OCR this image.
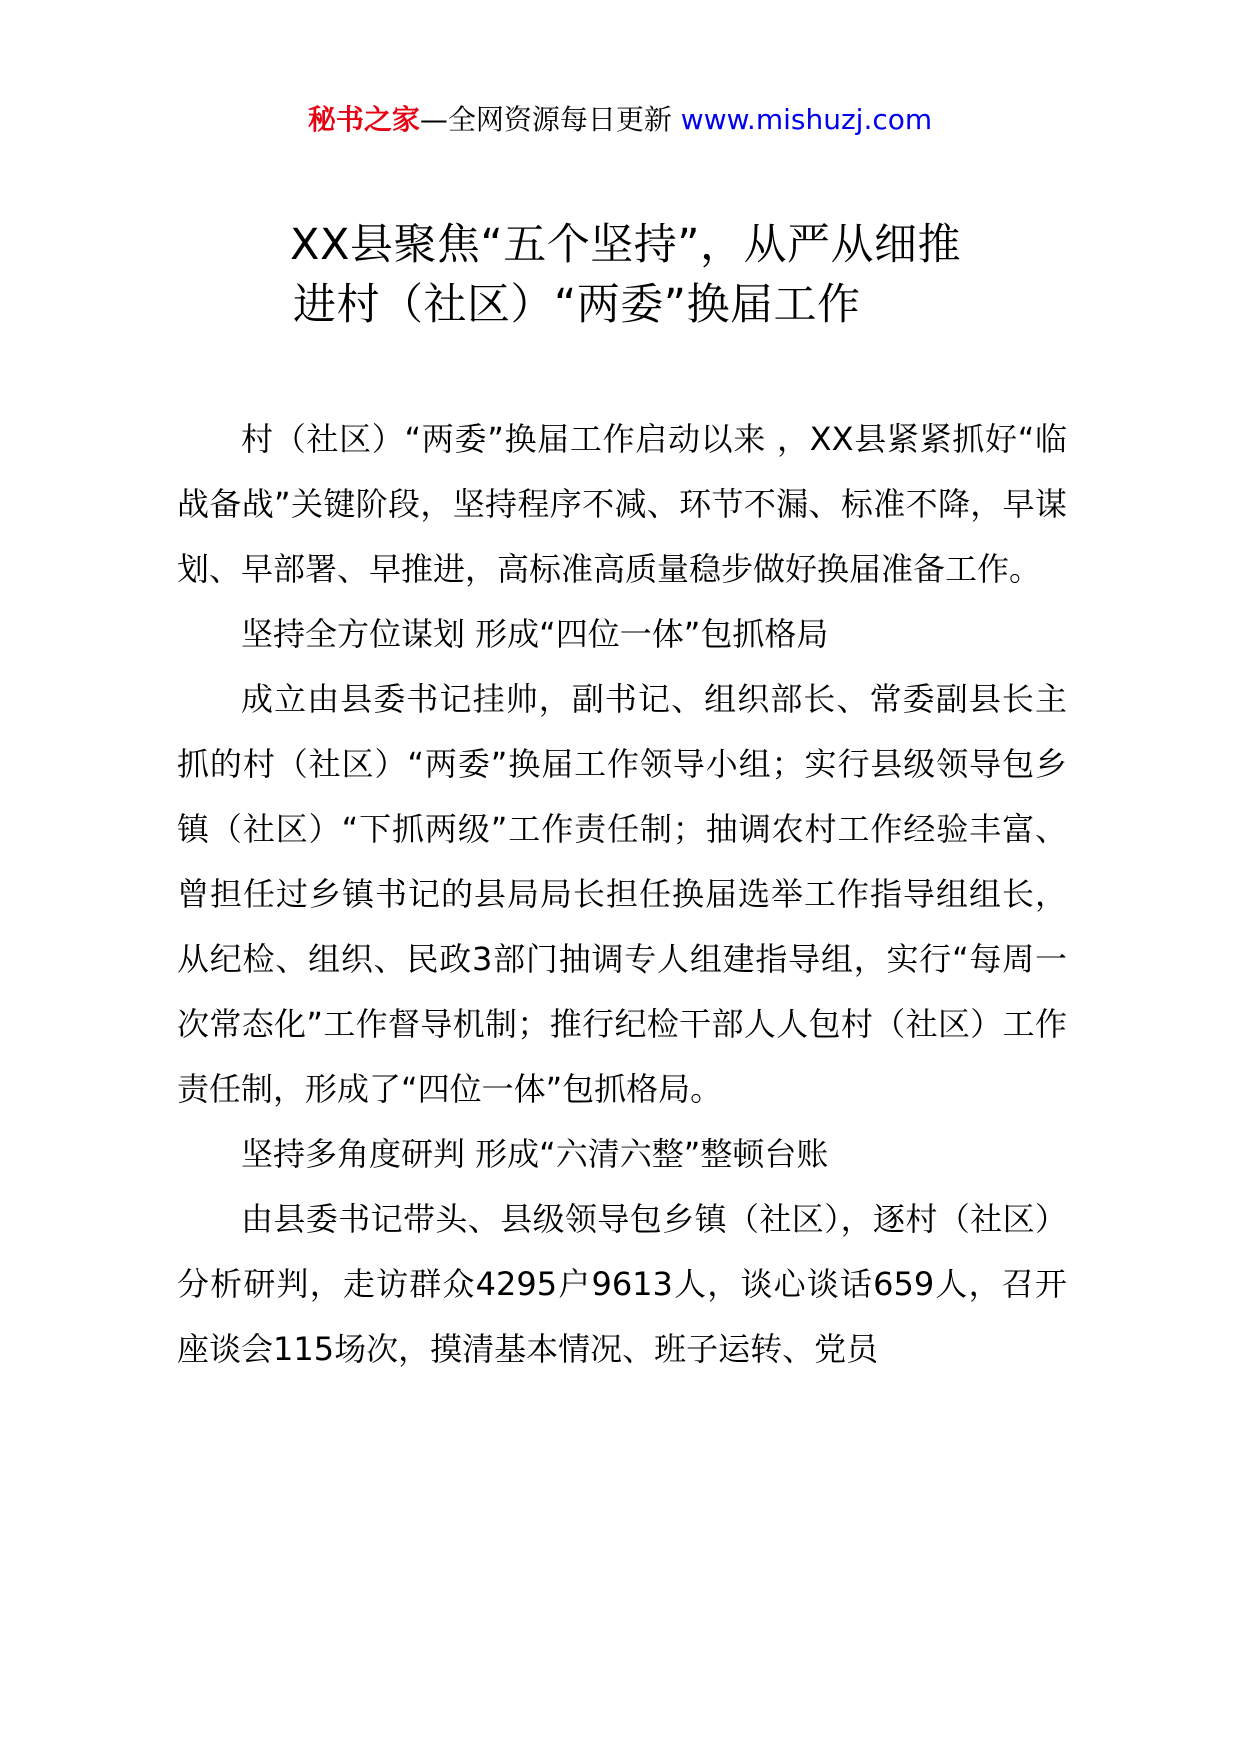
秘书之家—全网资源每日更新 www.mishuzj.com
XX县聚焦“五个坚持”，从严从细推
进村（社区）“两委”换届工作

村（社区）“两委”换届工作启动以来 ，XX县紧紧抓好“临战备战”关键阶段，坚持程序不减、环节不漏、标准不降，早谋划、早部署、早推进，高标准高质量稳步做好换届准备工作。

坚持全方位谋划 形成“四位一体”包抓格局

成立由县委书记挂帅，副书记、组织部长、常委副县长主抓的村（社区）“两委”换届工作领导小组；实行县级领导包乡镇（社区）“下抓两级”工作责任制；抽调农村工作经验丰富、曾担任过乡镇书记的县局局长担任换届选举工作指导组组长，从纪检、组织、民政3部门抽调专人组建指导组，实行“每周一次常态化”工作督导机制；推行纪检干部人人包村（社区）工作责任制，形成了“四位一体”包抓格局。

坚持多角度研判 形成“六清六整”整顿台账

由县委书记带头、县级领导包乡镇（社区），逐村（社区）分析研判，走访群众4295户9613人，谈心谈话659人，召开座谈会115场次，摸清基本情况、班子运转、党员
